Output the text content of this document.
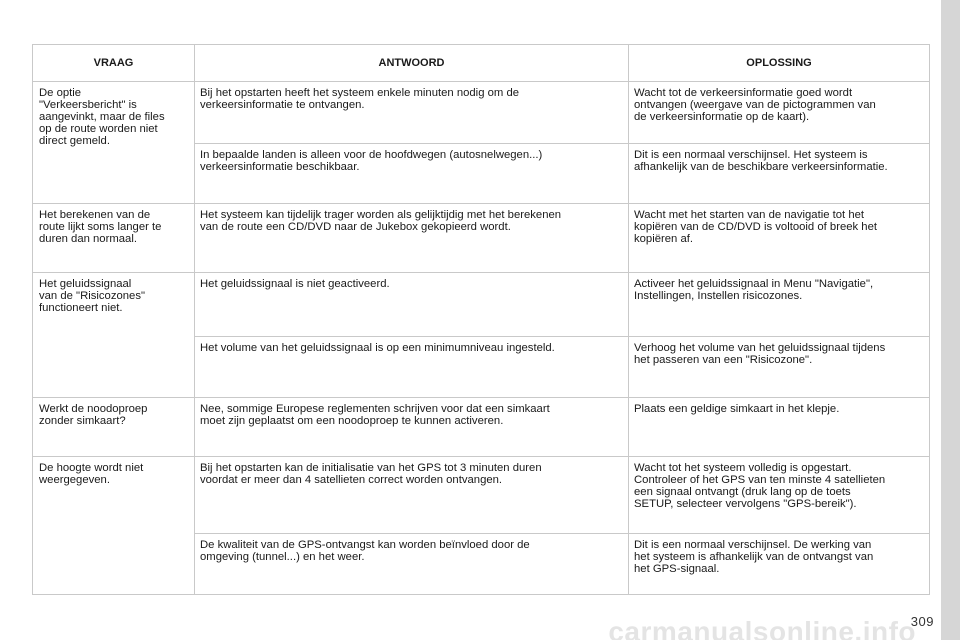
VRAAG	ANTWOORD	OPLOSSING

De optie
"Verkeersbericht" is
aangevinkt, maar de files
op de route worden niet
direct gemeld.	Bij het opstarten heeft het systeem enkele minuten nodig om de
verkeersinformatie te ontvangen.	Wacht tot de verkeersinformatie goed wordt
ontvangen (weergave van de pictogrammen van
de verkeersinformatie op de kaart).

	In bepaalde landen is alleen voor de hoofdwegen (autosnelwegen...)
verkeersinformatie beschikbaar.	Dit is een normaal verschijnsel. Het systeem is
afhankelijk van de beschikbare verkeersinformatie.

Het berekenen van de
route lijkt soms langer te
duren dan normaal.	Het systeem kan tijdelijk trager worden als gelijktijdig met het berekenen
van de route een CD/DVD naar de Jukebox gekopieerd wordt.	Wacht met het starten van de navigatie tot het
kopiëren van de CD/DVD is voltooid of breek het
kopiëren af.

Het geluidssignaal
van de "Risicozones"
functioneert niet.	Het geluidssignaal is niet geactiveerd.	Activeer het geluidssignaal in Menu "Navigatie",
Instellingen, Instellen risicozones.

	Het volume van het geluidssignaal is op een minimumniveau ingesteld.	Verhoog het volume van het geluidssignaal tijdens
het passeren van een "Risicozone".

Werkt de noodoproep
zonder simkaart?	Nee, sommige Europese reglementen schrijven voor dat een simkaart
moet zijn geplaatst om een noodoproep te kunnen activeren.	Plaats een geldige simkaart in het klepje.

De hoogte wordt niet
weergegeven.	Bij het opstarten kan de initialisatie van het GPS tot 3 minuten duren
voordat er meer dan 4 satellieten correct worden ontvangen.	Wacht tot het systeem volledig is opgestart.
Controleer of het GPS van ten minste 4 satellieten
een signaal ontvangt (druk lang op de toets
SETUP, selecteer vervolgens "GPS-bereik").

	De kwaliteit van de GPS-ontvangst kan worden beïnvloed door de
omgeving (tunnel...) en het weer.	Dit is een normaal verschijnsel. De werking van
het systeem is afhankelijk van de ontvangst van
het GPS-signaal.
309
carmanualsonline.info
